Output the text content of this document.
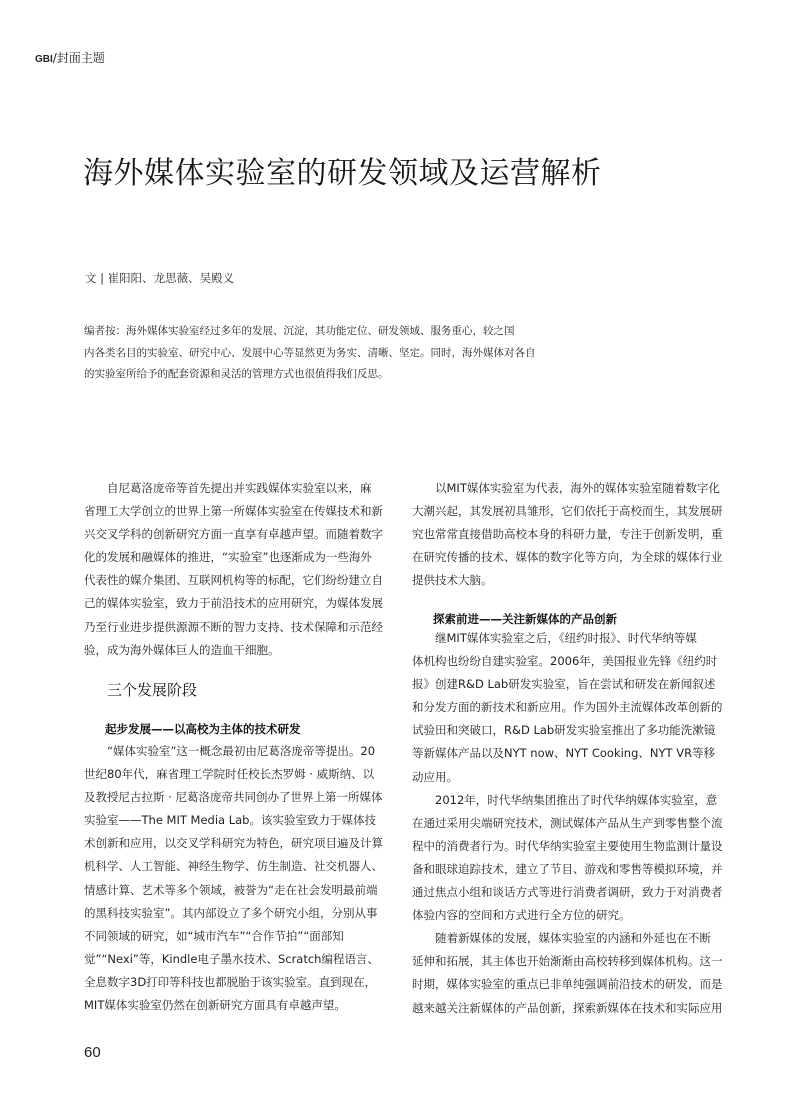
GBI/封面主题
海外媒体实验室的研发领域及运营解析
文 | 崔阳阳、龙思薇、吴殿义

编者按：海外媒体实验室经过多年的发展、沉淀，其功能定位、研发领域、服务重心，较之国
内各类名目的实验室、研究中心、发展中心等显然更为务实、清晰、坚定。同时，海外媒体对各自
的实验室所给予的配套资源和灵活的管理方式也很值得我们反思。

　　自尼葛洛庞帝等首先提出并实践媒体实验室以来，麻
省理工大学创立的世界上第一所媒体实验室在传媒技术和新
兴交叉学科的创新研究方面一直享有卓越声望。而随着数字
化的发展和融媒体的推进，“实验室”也逐渐成为一些海外
代表性的媒介集团、互联网机构等的标配，它们纷纷建立自
己的媒体实验室，致力于前沿技术的应用研究，为媒体发展
乃至行业进步提供源源不断的智力支持、技术保障和示范经
验，成为海外媒体巨人的造血干细胞。
三个发展阶段
起步发展——以高校为主体的技术研发
　　“媒体实验室”这一概念最初由尼葛洛庞帝等提出。20
世纪80年代，麻省理工学院时任校长杰罗姆 · 威斯纳、以
及教授尼古拉斯 · 尼葛洛庞帝共同创办了世界上第一所媒体
实验室——The MIT Media Lab。该实验室致力于媒体技
术创新和应用，以交叉学科研究为特色，研究项目遍及计算
机科学、人工智能、神经生物学、仿生制造、社交机器人、
情感计算、艺术等多个领域，被誉为“走在社会发明最前端
的黑科技实验室”。其内部设立了多个研究小组，分别从事
不同领域的研究，如“城市汽车”“合作节拍”“面部知
觉”“Nexi”等，Kindle电子墨水技术、Scratch编程语言、
全息数字3D打印等科技也都脱胎于该实验室。直到现在，
MIT媒体实验室仍然在创新研究方面具有卓越声望。
　　以MIT媒体实验室为代表，海外的媒体实验室随着数字化
大潮兴起，其发展初具雏形，它们依托于高校而生，其发展研
究也常常直接借助高校本身的科研力量，专注于创新发明，重
在研究传播的技术、媒体的数字化等方向，为全球的媒体行业
提供技术大脑。
探索前进——关注新媒体的产品创新
　　继MIT媒体实验室之后，《纽约时报》、时代华纳等媒
体机构也纷纷自建实验室。2006年，美国报业先锋《纽约时
报》创建R&D Lab研发实验室，旨在尝试和研发在新闻叙述
和分发方面的新技术和新应用。作为国外主流媒体改革创新的
试验田和突破口，R&D Lab研发实验室推出了多功能洗漱镜
等新媒体产品以及NYT now、NYT Cooking、NYT VR等移
动应用。
　　2012年，时代华纳集团推出了时代华纳媒体实验室，意
在通过采用尖端研究技术，测试媒体产品从生产到零售整个流
程中的消费者行为。时代华纳实验室主要使用生物监测计量设
备和眼球追踪技术，建立了节目、游戏和零售等模拟环境，并
通过焦点小组和谈话方式等进行消费者调研，致力于对消费者
体验内容的空间和方式进行全方位的研究。
　　随着新媒体的发展，媒体实验室的内涵和外延也在不断
延伸和拓展，其主体也开始渐渐由高校转移到媒体机构。这一
时期，媒体实验室的重点已非单纯强调前沿技术的研发，而是
越来越关注新媒体的产品创新，探索新媒体在技术和实际应用
60
